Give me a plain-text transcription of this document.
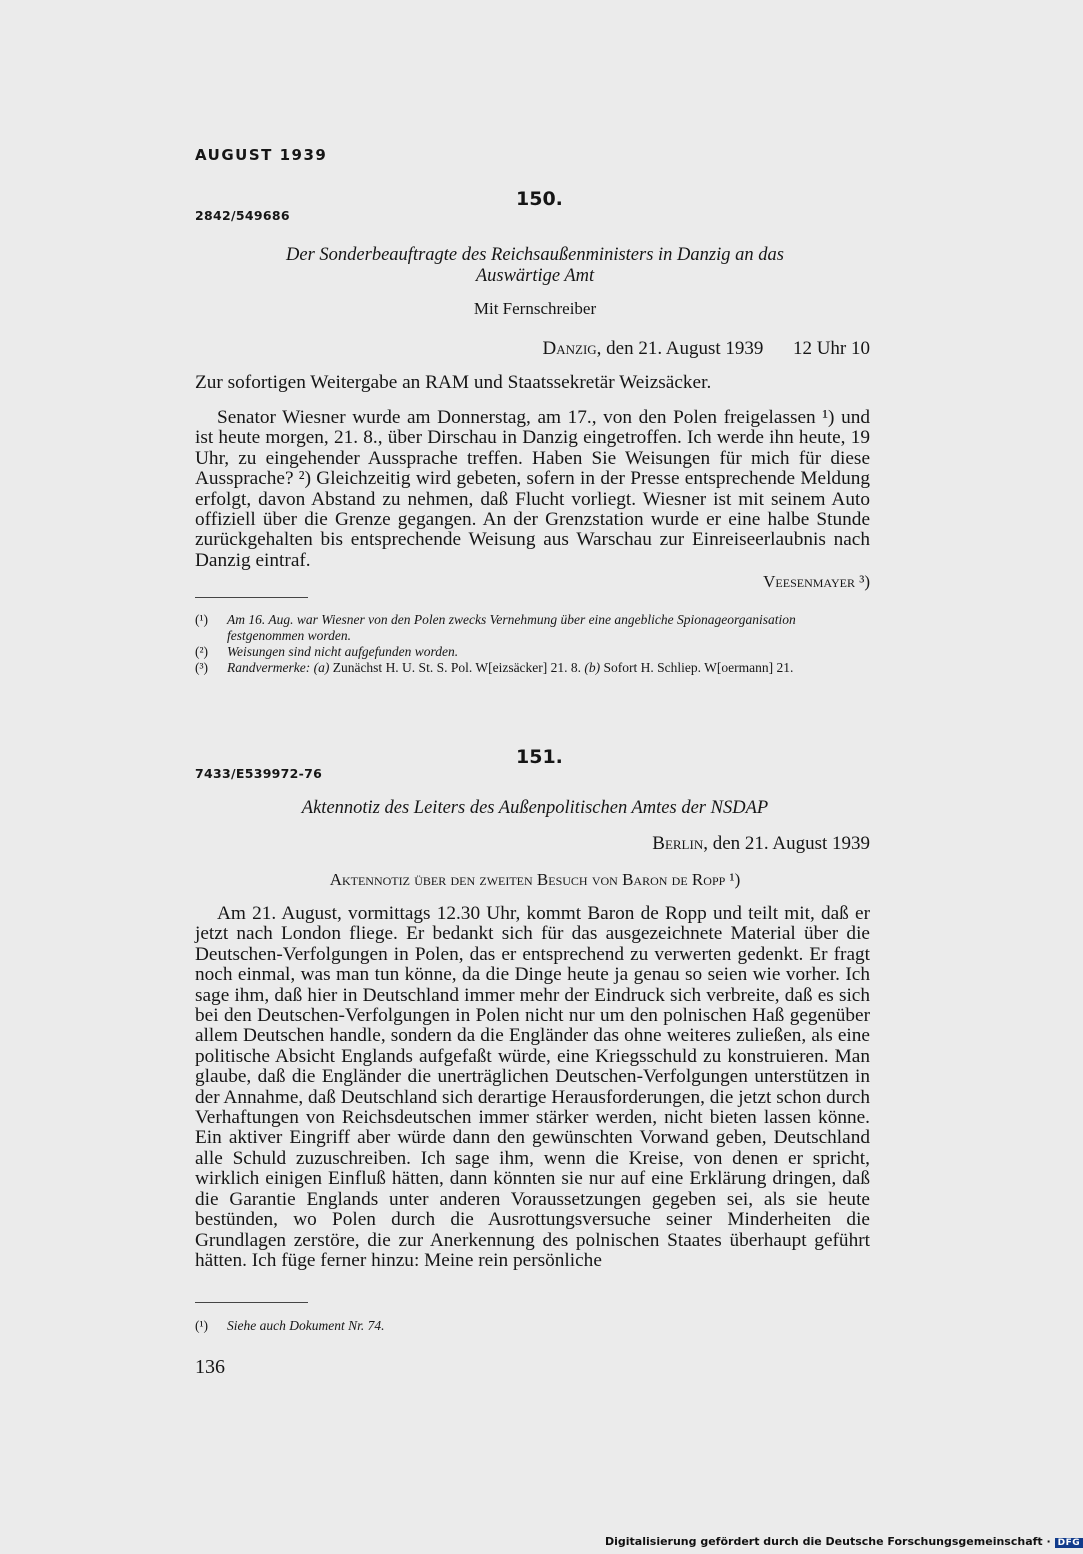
AUGUST 1939
150.
2842/549686
Der Sonderbeauftragte des Reichsaußenministers in Danzig an das
Auswärtige Amt
Mit Fernschreiber
Danzig, den 21. August 1939 12 Uhr 10
Zur sofortigen Weitergabe an RAM und Staatssekretär Weizsäcker.

Senator Wiesner wurde am Donnerstag, am 17., von den Polen freigelassen ¹) und ist heute morgen, 21. 8., über Dirschau in Danzig eingetroffen. Ich werde ihn heute, 19 Uhr, zu eingehender Aussprache treffen. Haben Sie Weisungen für mich für diese Aussprache? ²) Gleichzeitig wird gebeten, sofern in der Presse entsprechende Meldung erfolgt, davon Abstand zu nehmen, daß Flucht vorliegt. Wiesner ist mit seinem Auto offiziell über die Grenze gegangen. An der Grenzstation wurde er eine halbe Stunde zurückgehalten bis entsprechende Weisung aus Warschau zur Einreiseerlaubnis nach Danzig eintraf.

Veesenmayer ³)
(¹)	Am 16. Aug. war Wiesner von den Polen zwecks Vernehmung über eine angebliche Spionageorganisation festgenommen worden.
(²)	Weisungen sind nicht aufgefunden worden.
(³)	Randvermerke: (a) Zunächst H. U. St. S. Pol. W[eizsäcker] 21. 8. (b) Sofort H. Schliep. W[oermann] 21.
151.
7433/E539972-76
Aktennotiz des Leiters des Außenpolitischen Amtes der NSDAP
Berlin, den 21. August 1939
Aktennotiz über den zweiten Besuch von Baron de Ropp ¹)

Am 21. August, vormittags 12.30 Uhr, kommt Baron de Ropp und teilt mit, daß er jetzt nach London fliege. Er bedankt sich für das ausgezeichnete Material über die Deutschen-Verfolgungen in Polen, das er entsprechend zu verwerten gedenkt. Er fragt noch einmal, was man tun könne, da die Dinge heute ja genau so seien wie vorher. Ich sage ihm, daß hier in Deutschland immer mehr der Eindruck sich verbreite, daß es sich bei den Deutschen-Verfolgungen in Polen nicht nur um den polnischen Haß gegenüber allem Deutschen handle, sondern da die Engländer das ohne weiteres zuließen, als eine politische Absicht Englands aufgefaßt würde, eine Kriegsschuld zu konstruieren. Man glaube, daß die Engländer die unerträglichen Deutschen-Verfolgungen unterstützen in der Annahme, daß Deutschland sich derartige Herausforderungen, die jetzt schon durch Verhaftungen von Reichsdeutschen immer stärker werden, nicht bieten lassen könne. Ein aktiver Eingriff aber würde dann den gewünschten Vorwand geben, Deutschland alle Schuld zuzuschreiben. Ich sage ihm, wenn die Kreise, von denen er spricht, wirklich einigen Einfluß hätten, dann könnten sie nur auf eine Erklärung dringen, daß die Garantie Englands unter anderen Voraussetzungen gegeben sei, als sie heute bestünden, wo Polen durch die Ausrottungsversuche seiner Minderheiten die Grundlagen zerstöre, die zur Anerkennung des polnischen Staates überhaupt geführt hätten. Ich füge ferner hinzu: Meine rein persönliche

(¹)	Siehe auch Dokument Nr. 74.
136
Digitalisierung gefördert durch die Deutsche Forschungsgemeinschaft · DFG
